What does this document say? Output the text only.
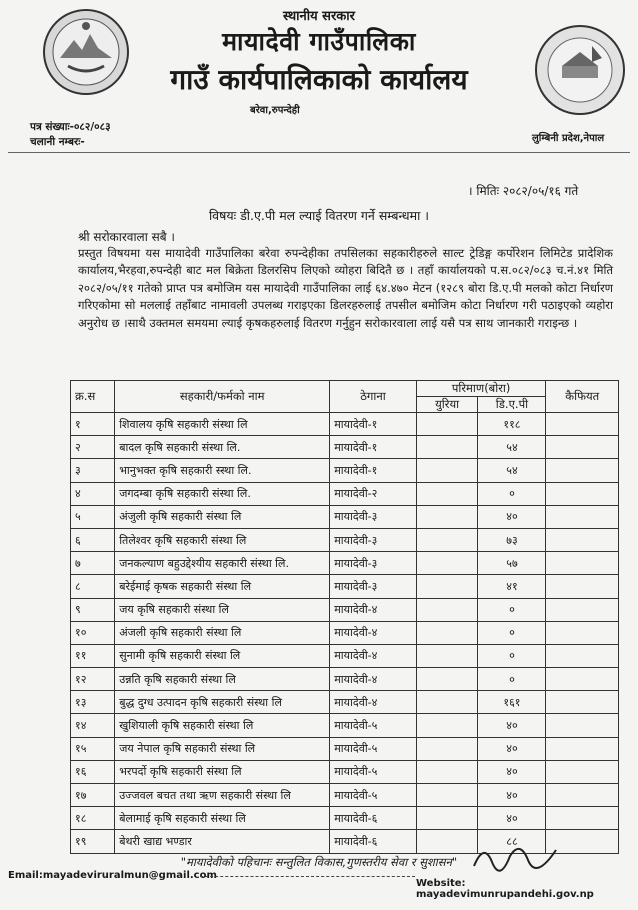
स्थानीय सरकार
मायादेवी गाउँपालिका
गाउँ कार्यपालिकाको कार्यालय
बरेवा,रुपन्देही
पत्र संख्याः-०८२/०८३
चलानी नम्बरः-	लुम्बिनी प्रदेश,नेपाल
। मितिः २०८२/०५/१६ गते
विषयः डी.ए.पी मल ल्याई वितरण गर्ने सम्बन्धमा ।
श्री सरोकारवाला सबै ।
प्रस्तुत विषयमा यस मायादेवी गाउँपालिका बरेवा रुपन्देहीका तपसिलका सहकारीहरुले साल्ट ट्रेडिङ्ग कर्पोरेशन लिमिटेड प्रादेशिक कार्यालय,भैरहवा,रुपन्देही बाट मल बिक्रेता डिलरसिप लिएको व्योहरा बिदितै छ । तहाँ कार्यालयको प.स.०८२/०८३ च.नं.४१ मिति २०८२/०५/११ गतेको प्राप्त पत्र बमोजिम यस मायादेवी गाउँपालिका लाई ६४.४७० मेटन (१२८९ बोरा डि.ए.पी मलको कोटा निर्धारण गरिएकोमा सो मललाई तहाँबाट नामावली उपलब्ध गराइएका डिलरहरुलाई तपसील बमोजिम कोटा निर्धारण गरी पठाइएको व्यहोरा अनुरोध छ ।साथै उक्तमल समयमा ल्याई कृषकहरुलाई वितरण गर्नुहुन सरोकारवाला लाई यसै पत्र साथ जानकारी गराइन्छ ।
क्र.स	सहकारी/फर्मको नाम	ठेगाना	परिमाण(बोरा)		कैफियत
			युरिया	डि.ए.पी	
१	शिवालय कृषि सहकारी संस्था लि	मायादेवी-१		११८	
२	बादल कृषि सहकारी संस्था लि.	मायादेवी-१		५४	
३	भानुभक्त कृषि सहकारी स्स्था लि.	मायादेवी-१		५४	
४	जगदम्बा कृषि सहकारी संस्था लि.	मायादेवी-२		०	
५	अंजुली कृषि सहकारी संस्था लि	मायादेवी-३		४०	
६	तिलेश्वर कृषि सहकारी संस्था लि	मायादेवी-३		७३	
७	जनकल्याण बहुउद्देश्यीय सहकारी संस्था लि.	मायादेवी-३		५७	
८	बरेईमाई कृषक सहकारी संस्था लि	मायादेवी-३		४१	
९	जय कृषि सहकारी संस्था लि	मायादेवी-४		०	
१०	अंजली कृषि सहकारी संस्था लि	मायादेवी-४		०	
११	सुनामी कृषि सहकारी संस्था लि	मायादेवी-४		०	
१२	उन्नति कृषि सहकारी संस्था लि	मायादेवी-४		०	
१३	बुद्ध दुग्ध उत्पादन कृषि सहकारी संस्था लि	मायादेवी-४		१६१	
१४	खुशियाली कृषि सहकारी संस्था लि	मायादेवी-५		४०	
१५	जय नेपाल कृषि सहकारी संस्था लि	मायादेवी-५		४०	
१६	भरपर्दो कृषि सहकारी संस्था लि	मायादेवी-५		४०	
१७	उज्जवल बचत तथा ऋण सहकारी संस्था लि	मायादेवी-५		४०	
१८	बेलामाई कृषि सहकारी संस्था लि	मायादेवी-६		४०	
१९	बेथरी खाद्य भण्डार	मायादेवी-६		८८	
"मायादेवीको पहिचानः सन्तुलित विकास,गुणस्तरीय सेवा र सुशासन"
Email:mayadeviruralmun@gmail.com
Website: mayadevimunrupandehi.gov.np
